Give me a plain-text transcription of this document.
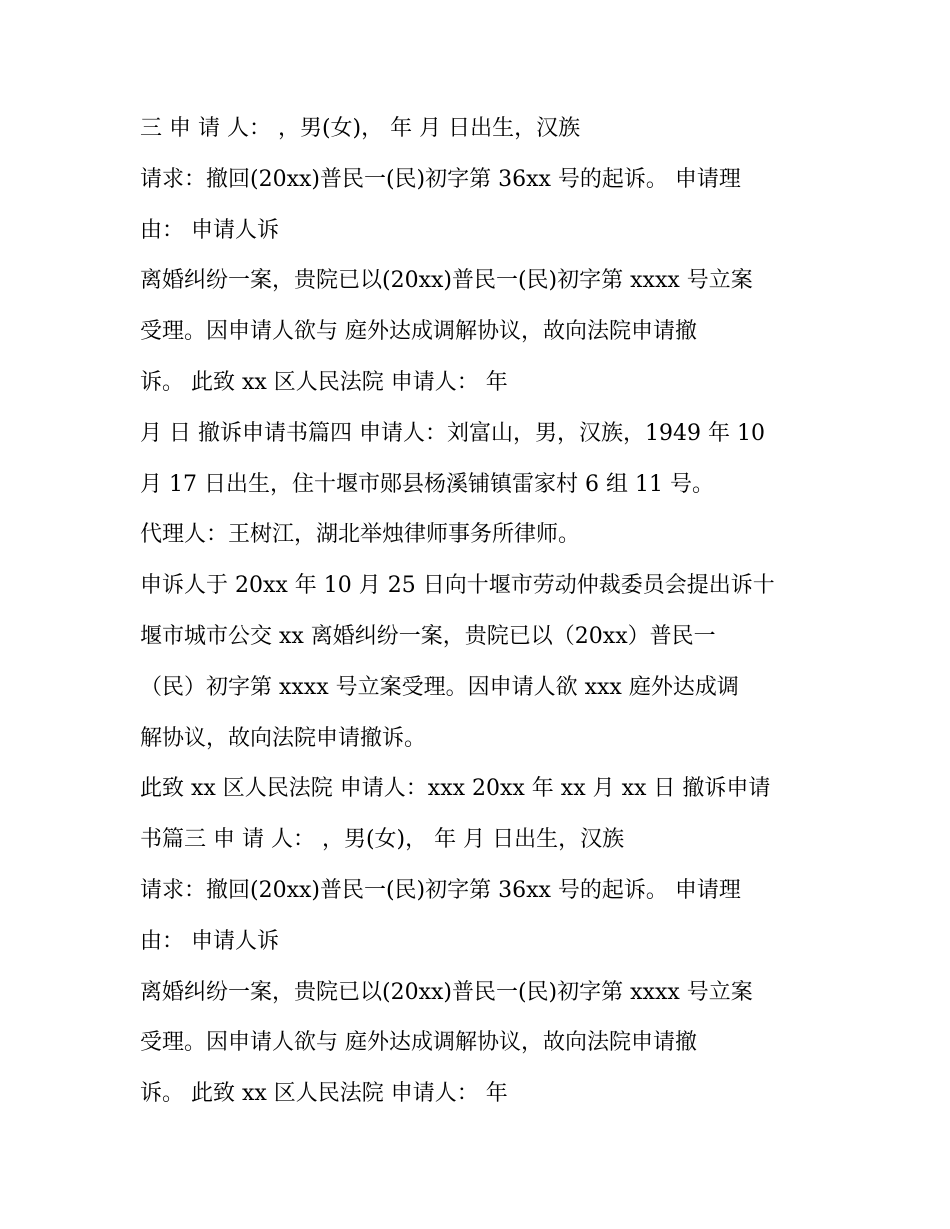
三 申 请 人： ，男(女)， 年 月 日出生，汉族
请求：撤回(20xx)普民一(民)初字第 36xx 号的起诉。 申请理
由： 申请人诉
离婚纠纷一案，贵院已以(20xx)普民一(民)初字第 xxxx 号立案
受理。因申请人欲与 庭外达成调解协议，故向法院申请撤
诉。 此致 xx 区人民法院 申请人： 年
月 日 撤诉申请书篇四 申请人：刘富山，男，汉族，1949 年 10
月 17 日出生，住十堰市郧县杨溪铺镇雷家村 6 组 11 号。
代理人：王树江，湖北举烛律师事务所律师。
申诉人于 20xx 年 10 月 25 日向十堰市劳动仲裁委员会提出诉十
堰市城市公交 xx 离婚纠纷一案，贵院已以（20xx）普民一
（民）初字第 xxxx 号立案受理。因申请人欲 xxx 庭外达成调
解协议，故向法院申请撤诉。
此致 xx 区人民法院 申请人：xxx 20xx 年 xx 月 xx 日 撤诉申请
书篇三 申 请 人： ，男(女)， 年 月 日出生，汉族
请求：撤回(20xx)普民一(民)初字第 36xx 号的起诉。 申请理
由： 申请人诉
离婚纠纷一案，贵院已以(20xx)普民一(民)初字第 xxxx 号立案
受理。因申请人欲与 庭外达成调解协议，故向法院申请撤
诉。 此致 xx 区人民法院 申请人： 年
